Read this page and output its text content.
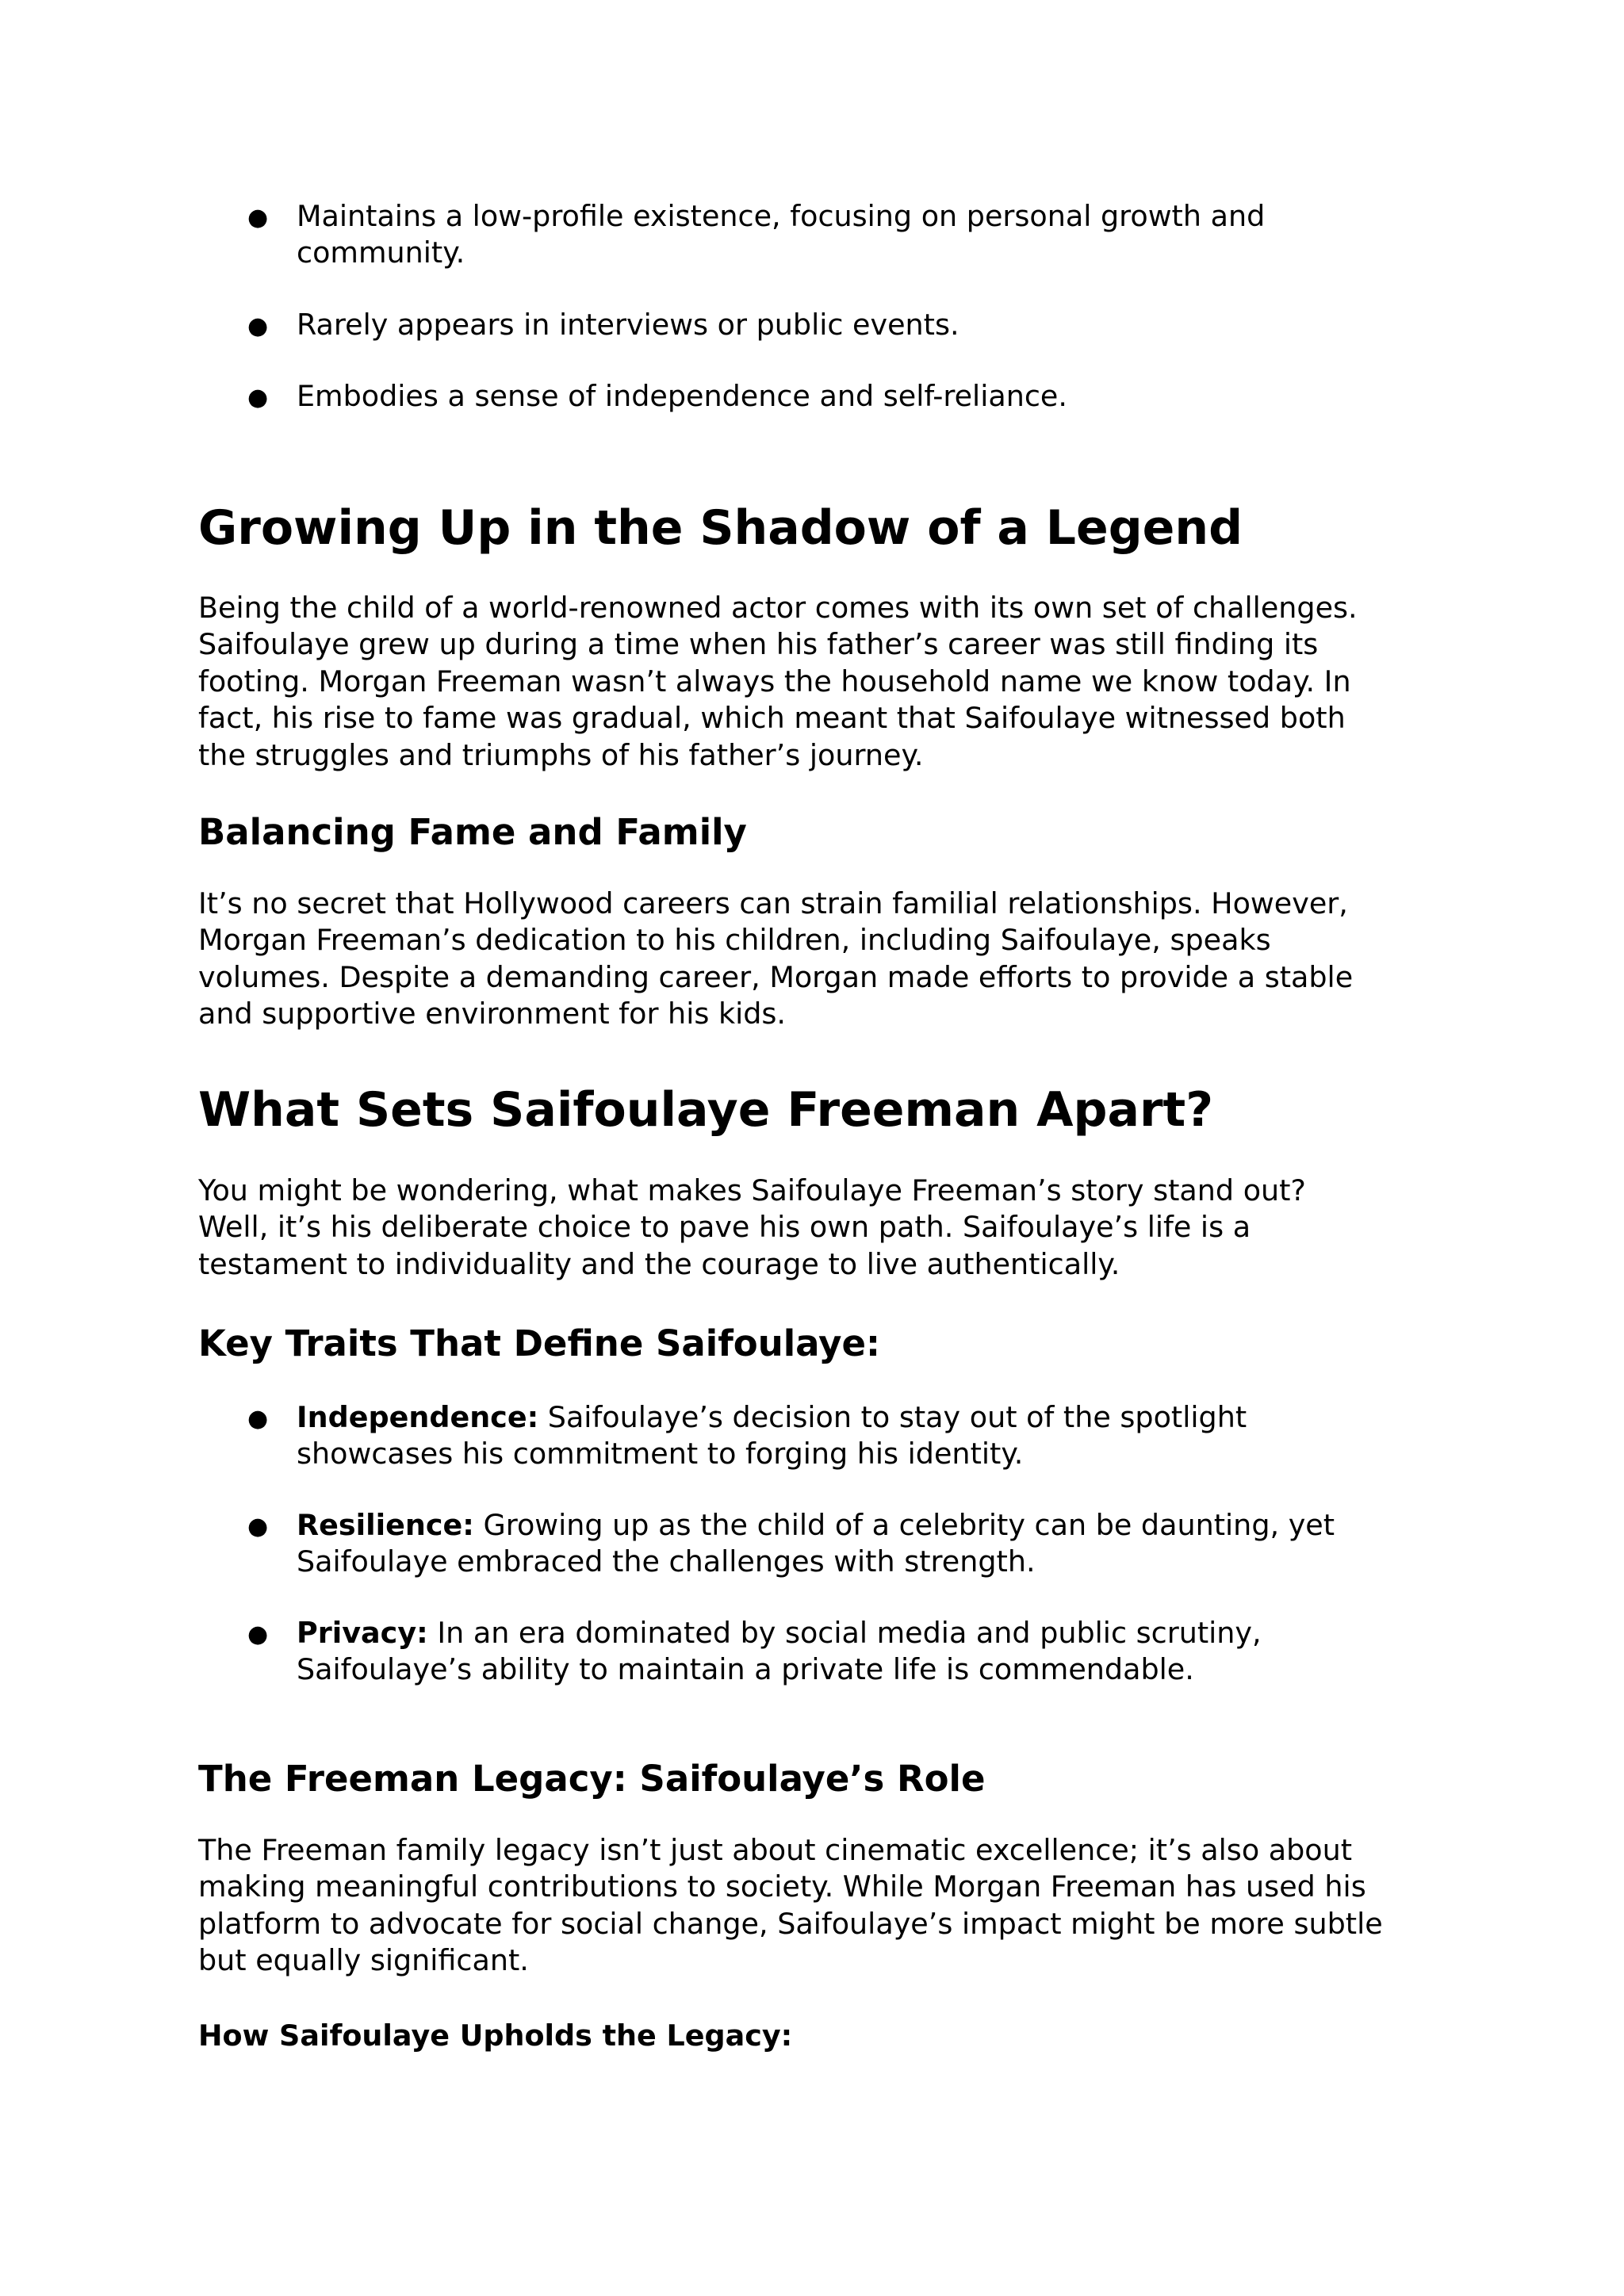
● Maintains a low-profile existence, focusing on personal growth and
community.

● Rarely appears in interviews or public events.

● Embodies a sense of independence and self-reliance.

Growing Up in the Shadow of a Legend

Being the child of a world-renowned actor comes with its own set of challenges.
Saifoulaye grew up during a time when his father’s career was still finding its
footing. Morgan Freeman wasn’t always the household name we know today. In
fact, his rise to fame was gradual, which meant that Saifoulaye witnessed both
the struggles and triumphs of his father’s journey.

Balancing Fame and Family

It’s no secret that Hollywood careers can strain familial relationships. However,
Morgan Freeman’s dedication to his children, including Saifoulaye, speaks
volumes. Despite a demanding career, Morgan made efforts to provide a stable
and supportive environment for his kids.

What Sets Saifoulaye Freeman Apart?

You might be wondering, what makes Saifoulaye Freeman’s story stand out?
Well, it’s his deliberate choice to pave his own path. Saifoulaye’s life is a
testament to individuality and the courage to live authentically.

Key Traits That Define Saifoulaye:
● Independence: Saifoulaye’s decision to stay out of the spotlight
showcases his commitment to forging his identity.

● Resilience: Growing up as the child of a celebrity can be daunting, yet
Saifoulaye embraced the challenges with strength.

● Privacy: In an era dominated by social media and public scrutiny,
Saifoulaye’s ability to maintain a private life is commendable.

The Freeman Legacy: Saifoulaye’s Role

The Freeman family legacy isn’t just about cinematic excellence; it’s also about
making meaningful contributions to society. While Morgan Freeman has used his
platform to advocate for social change, Saifoulaye’s impact might be more subtle
but equally significant.

How Saifoulaye Upholds the Legacy:
